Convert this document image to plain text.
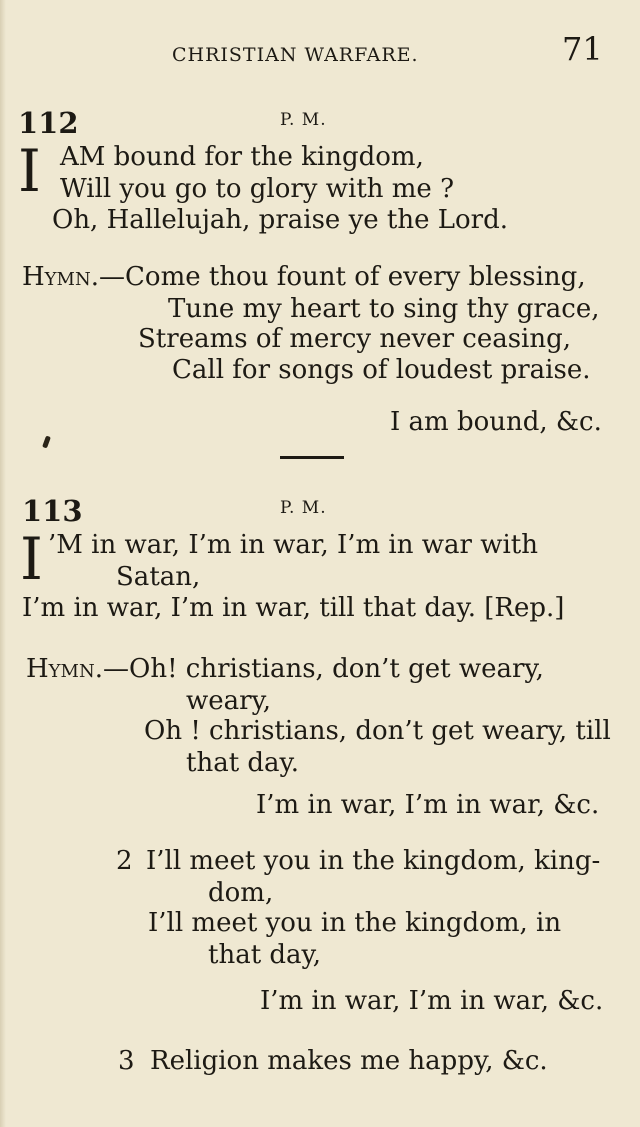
CHRISTIAN WARFARE.	71
112	P. M.
I AM bound for the kingdom,
Will you go to glory with me ?
Oh, Hallelujah, praise ye the Lord.
Hymn.—Come thou fount of every blessing,
Tune my heart to sing thy grace,
Streams of mercy never ceasing,
Call for songs of loudest praise.
I am bound, &c.
113	P. M.
I ’M in war, I’m in war, I’m in war with
Satan,
I’m in war, I’m in war, till that day. [Rep.]
Hymn.—Oh! christians, don’t get weary,
weary,
Oh ! christians, don’t get weary, till
that day.
I’m in war, I’m in war, &c.
2 I’ll meet you in the kingdom, king-
dom,
I’ll meet you in the kingdom, in
that day,
I’m in war, I’m in war, &c.
3 Religion makes me happy, &c.
